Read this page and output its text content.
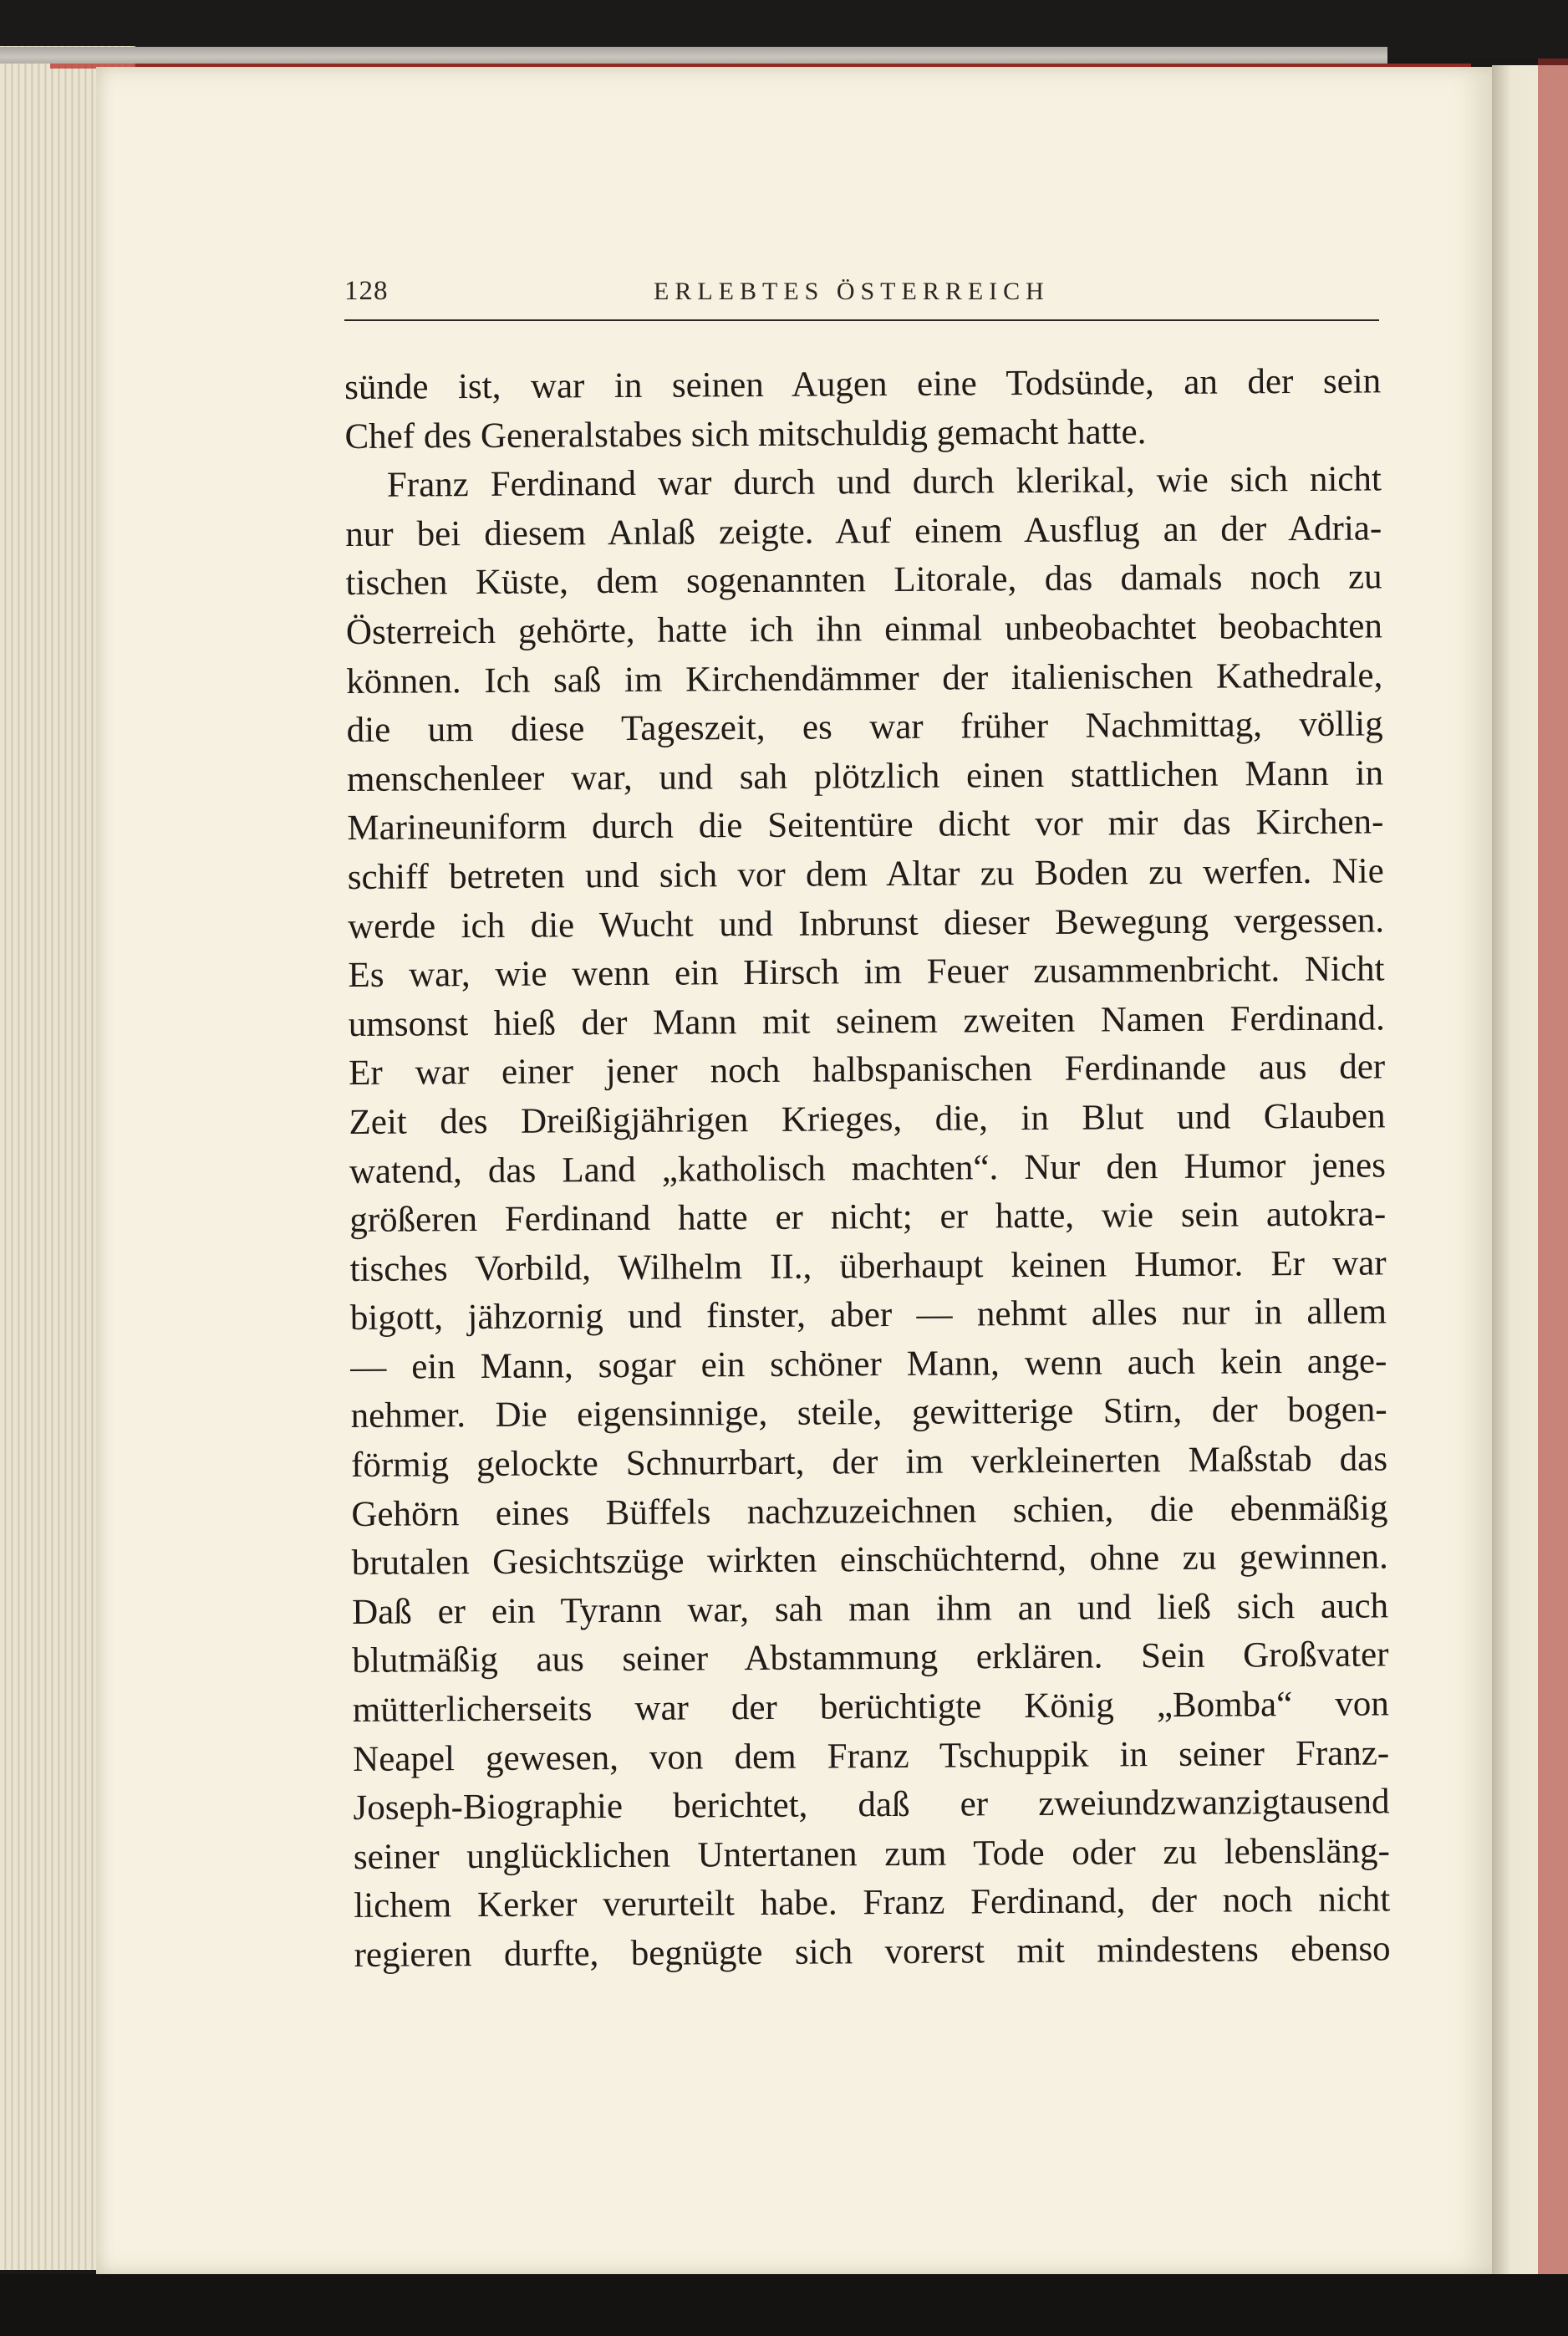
128	ERLEBTES ÖSTERREICH
sünde ist, war in seinen Augen eine Todsünde, an der sein
Chef des Generalstabes sich mitschuldig gemacht hatte.
Franz Ferdinand war durch und durch klerikal, wie sich nicht
nur bei diesem Anlaß zeigte. Auf einem Ausflug an der Adria-
tischen Küste, dem sogenannten Litorale, das damals noch zu
Österreich gehörte, hatte ich ihn einmal unbeobachtet beobachten
können. Ich saß im Kirchendämmer der italienischen Kathedrale,
die um diese Tageszeit, es war früher Nachmittag, völlig
menschenleer war, und sah plötzlich einen stattlichen Mann in
Marineuniform durch die Seitentüre dicht vor mir das Kirchen-
schiff betreten und sich vor dem Altar zu Boden zu werfen. Nie
werde ich die Wucht und Inbrunst dieser Bewegung vergessen.
Es war, wie wenn ein Hirsch im Feuer zusammenbricht. Nicht
umsonst hieß der Mann mit seinem zweiten Namen Ferdinand.
Er war einer jener noch halbspanischen Ferdinande aus der
Zeit des Dreißigjährigen Krieges, die, in Blut und Glauben
watend, das Land „katholisch machten“. Nur den Humor jenes
größeren Ferdinand hatte er nicht; er hatte, wie sein autokra-
tisches Vorbild, Wilhelm II., überhaupt keinen Humor. Er war
bigott, jähzornig und finster, aber — nehmt alles nur in allem
— ein Mann, sogar ein schöner Mann, wenn auch kein ange-
nehmer. Die eigensinnige, steile, gewitterige Stirn, der bogen-
förmig gelockte Schnurrbart, der im verkleinerten Maßstab das
Gehörn eines Büffels nachzuzeichnen schien, die ebenmäßig
brutalen Gesichtszüge wirkten einschüchternd, ohne zu gewinnen.
Daß er ein Tyrann war, sah man ihm an und ließ sich auch
blutmäßig aus seiner Abstammung erklären. Sein Großvater
mütterlicherseits war der berüchtigte König „Bomba“ von
Neapel gewesen, von dem Franz Tschuppik in seiner Franz-
Joseph-Biographie berichtet, daß er zweiundzwanzigtausend
seiner unglücklichen Untertanen zum Tode oder zu lebensläng-
lichem Kerker verurteilt habe. Franz Ferdinand, der noch nicht
regieren durfte, begnügte sich vorerst mit mindestens ebenso
